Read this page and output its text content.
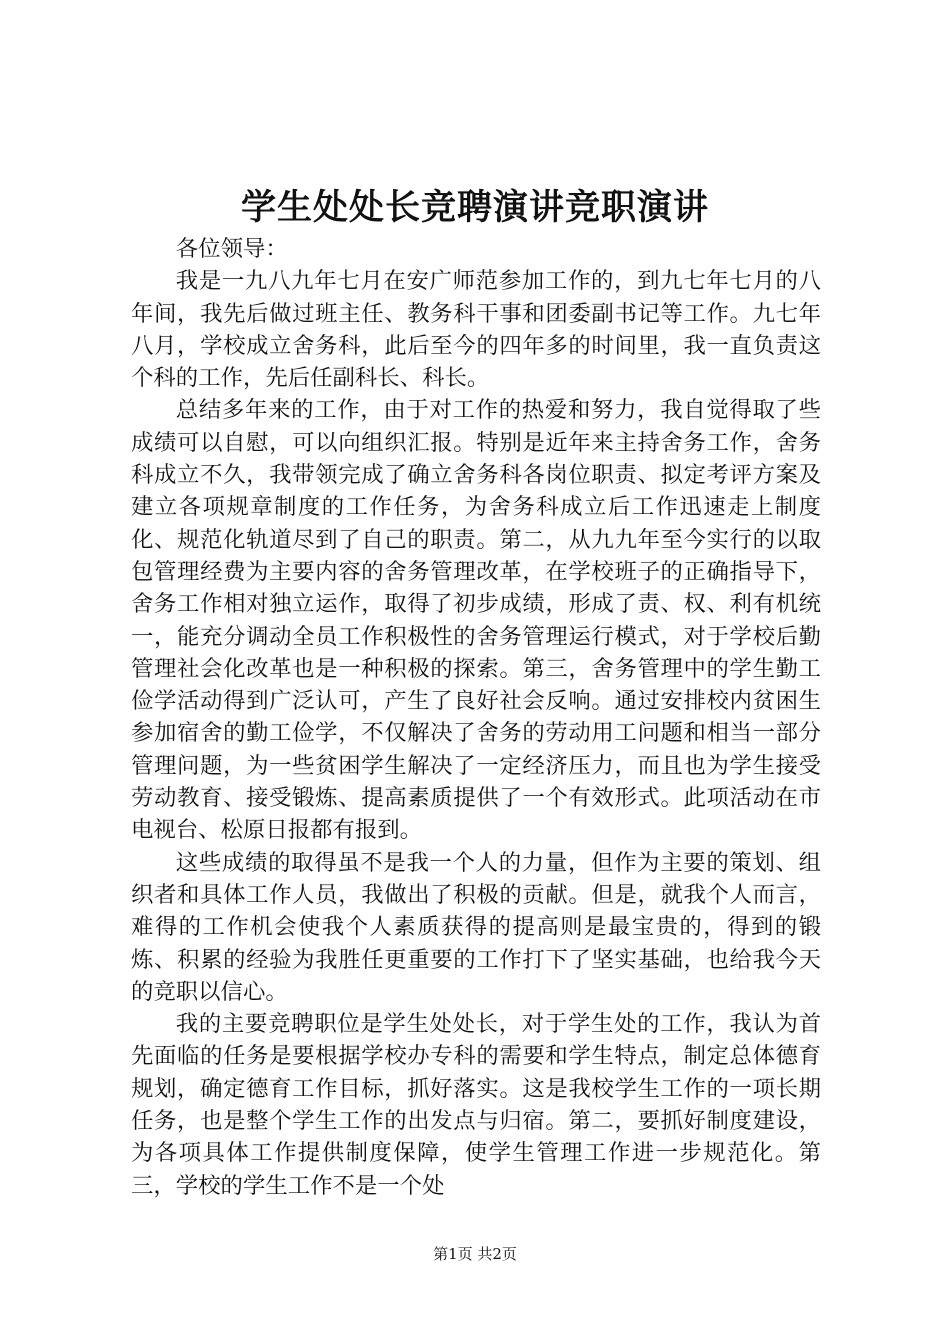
学生处处长竞聘演讲竞职演讲

各位领导：

我是一九八九年七月在安广师范参加工作的，到九七年七月的八年间，我先后做过班主任、教务科干事和团委副书记等工作。九七年八月，学校成立舍务科，此后至今的四年多的时间里，我一直负责这个科的工作，先后任副科长、科长。

总结多年来的工作，由于对工作的热爱和努力，我自觉得取了些成绩可以自慰，可以向组织汇报。特别是近年来主持舍务工作，舍务科成立不久，我带领完成了确立舍务科各岗位职责、拟定考评方案及建立各项规章制度的工作任务，为舍务科成立后工作迅速走上制度化、规范化轨道尽到了自己的职责。第二，从九九年至今实行的以取包管理经费为主要内容的舍务管理改革，在学校班子的正确指导下，舍务工作相对独立运作，取得了初步成绩，形成了责、权、利有机统一，能充分调动全员工作积极性的舍务管理运行模式，对于学校后勤管理社会化改革也是一种积极的探索。第三，舍务管理中的学生勤工俭学活动得到广泛认可，产生了良好社会反响。通过安排校内贫困生参加宿舍的勤工俭学，不仅解决了舍务的劳动用工问题和相当一部分管理问题，为一些贫困学生解决了一定经济压力，而且也为学生接受劳动教育、接受锻炼、提高素质提供了一个有效形式。此项活动在市电视台、松原日报都有报到。

这些成绩的取得虽不是我一个人的力量，但作为主要的策划、组织者和具体工作人员，我做出了积极的贡献。但是，就我个人而言，难得的工作机会使我个人素质获得的提高则是最宝贵的，得到的锻炼、积累的经验为我胜任更重要的工作打下了坚实基础，也给我今天的竞职以信心。

我的主要竞聘职位是学生处处长，对于学生处的工作，我认为首先面临的任务是要根据学校办专科的需要和学生特点，制定总体德育规划，确定德育工作目标，抓好落实。这是我校学生工作的一项长期任务，也是整个学生工作的出发点与归宿。第二，要抓好制度建设，为各项具体工作提供制度保障，使学生管理工作进一步规范化。第三，学校的学生工作不是一个处

第1页 共2页
